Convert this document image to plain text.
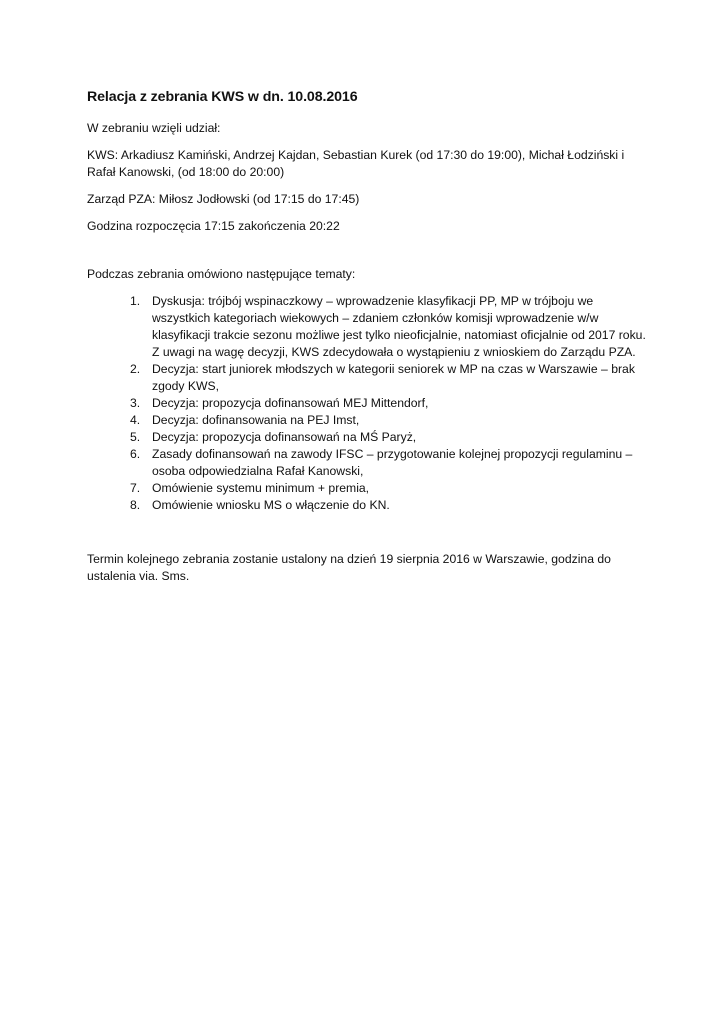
Relacja z zebrania KWS w dn. 10.08.2016

W zebraniu wzięli udział:

KWS: Arkadiusz Kamiński, Andrzej Kajdan, Sebastian Kurek (od 17:30 do 19:00), Michał Łodziński i Rafał Kanowski, (od 18:00 do 20:00)

Zarząd PZA: Miłosz Jodłowski (od 17:15 do 17:45)

Godzina rozpoczęcia 17:15 zakończenia 20:22

Podczas zebrania omówiono następujące tematy:

1. Dyskusja: trójbój wspinaczkowy – wprowadzenie klasyfikacji PP, MP w trójboju we wszystkich kategoriach wiekowych – zdaniem członków komisji wprowadzenie w/w klasyfikacji trakcie sezonu możliwe jest tylko nieoficjalnie, natomiast oficjalnie od 2017 roku. Z uwagi na wagę decyzji, KWS zdecydowała o wystąpieniu z wnioskiem do Zarządu PZA.
2. Decyzja: start juniorek młodszych w kategorii seniorek w MP na czas w Warszawie – brak zgody KWS,
3. Decyzja: propozycja dofinansowań MEJ Mittendorf,
4. Decyzja: dofinansowania na PEJ Imst,
5. Decyzja: propozycja dofinansowań na MŚ Paryż,
6. Zasady dofinansowań na zawody IFSC – przygotowanie kolejnej propozycji regulaminu – osoba odpowiedzialna Rafał Kanowski,
7. Omówienie systemu minimum + premia,
8. Omówienie wniosku MS o włączenie do KN.

Termin kolejnego zebrania zostanie ustalony na dzień 19 sierpnia 2016 w Warszawie, godzina do ustalenia via. Sms.
